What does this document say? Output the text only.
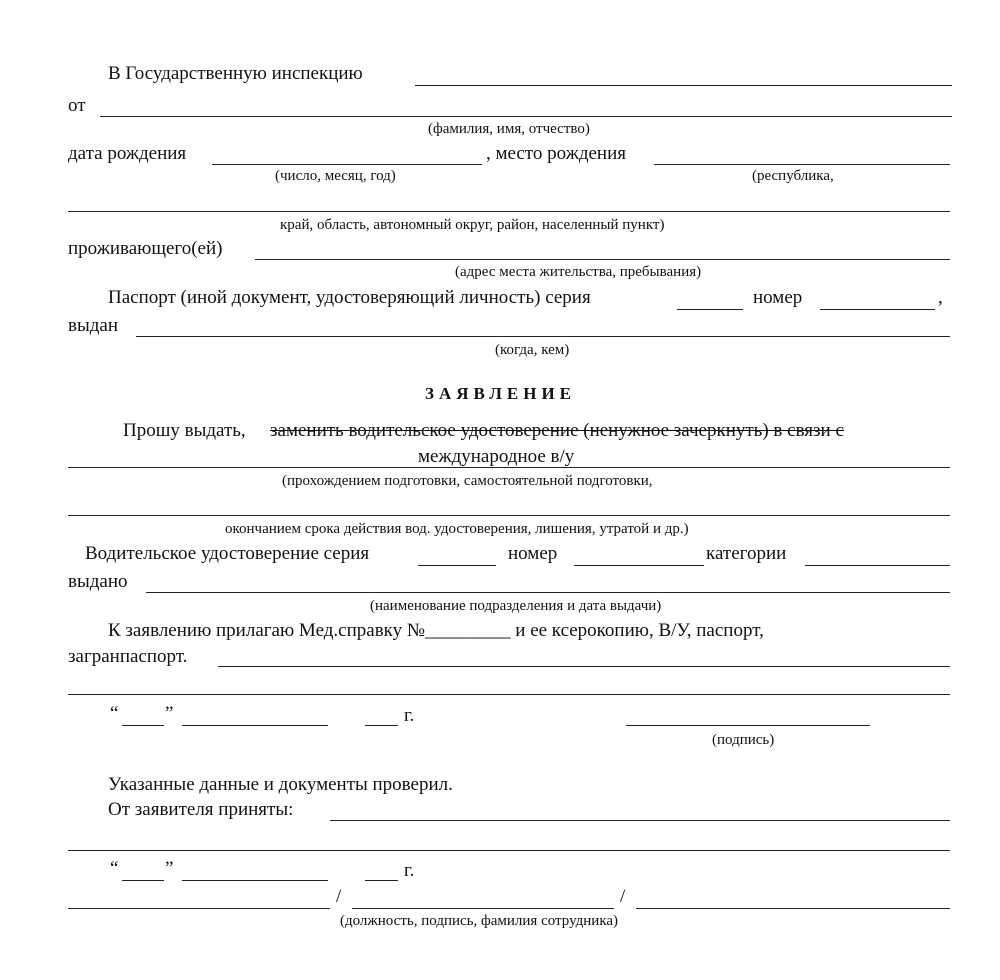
В Государственную инспекцию
от
(фамилия, имя, отчество)
дата рождения	, место рождения
(число, месяц, год)	(республика,
край, область, автономный округ, район, населенный пункт)
проживающего(ей)
(адрес места жительства, пребывания)
Паспорт (иной документ, удостоверяющий личность) серия	номер	,
выдан
(когда, кем)
ЗАЯВЛЕНИЕ
Прошу выдать, заменить водительское удостоверение (ненужное зачеркнуть) в связи с
международное в/у
(прохождением подготовки, самостоятельной подготовки,
окончанием срока действия вод. удостоверения, лишения, утратой и др.)
Водительское удостоверение серия	номер	категории
выдано
(наименование подразделения и дата выдачи)
К заявлению прилагаю Мед.справку №_________ и ее ксерокопию, В/У, паспорт,
загранпаспорт.
“ ”	г.
(подпись)
Указанные данные и документы проверил.
От заявителя приняты:
“ ”	г.
/	/
(должность, подпись, фамилия сотрудника)
